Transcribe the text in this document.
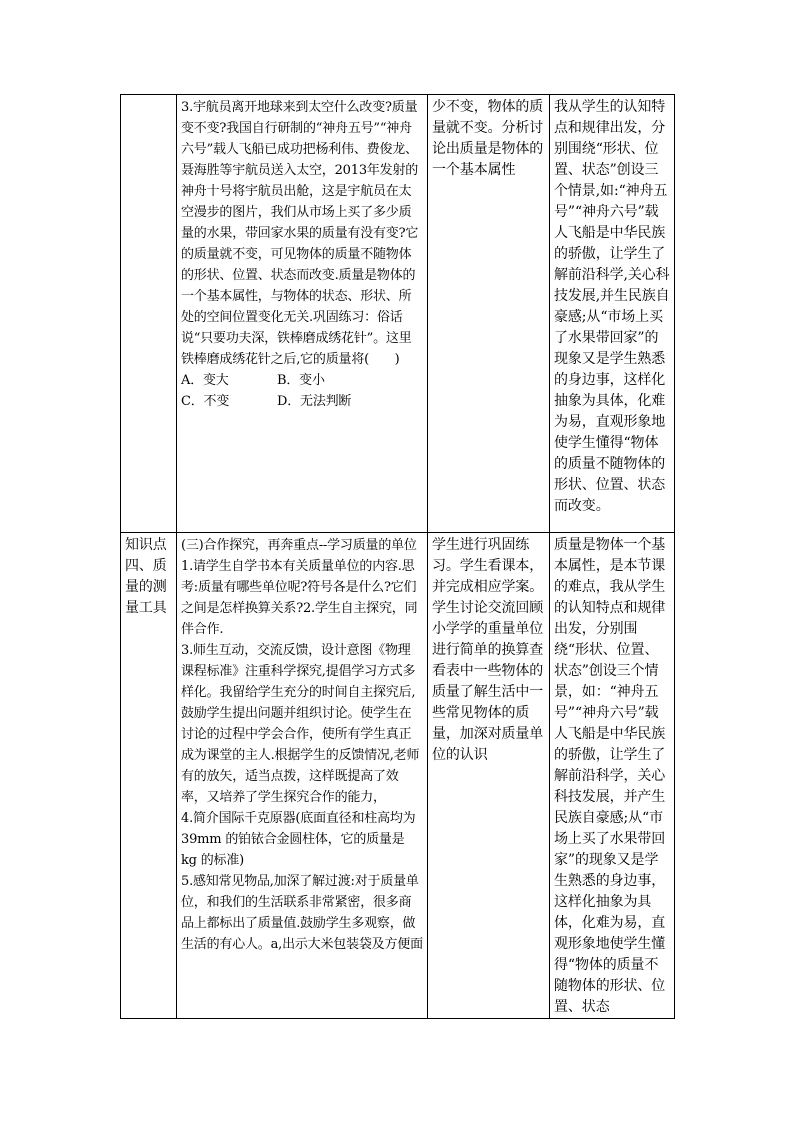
	3.宇航员离开地球来到太空什么改变?质量变不变?我国自行研制的“神舟五号”“神舟六号”载人飞船已成功把杨利伟、费俊龙、聂海胜等宇航员送入太空，2013年发射的神舟十号将宇航员出舱，这是宇航员在太空漫步的图片，我们从市场上买了多少质量的水果，带回家水果的质量有没有变?它的质量就不变，可见物体的质量不随物体的形状、位置、状态而改变.质量是物体的一个基本属性，与物体的状态、形状、所处的空间位置变化无关.巩固练习：俗话说“只要功夫深，铁棒磨成绣花针”。这里铁棒磨成绣花针之后,它的质量将(　　)
A．变大 B．变小
C．不变 D．无法判断	少不变，物体的质量就不变。分析讨论出质量是物体的一个基本属性	我从学生的认知特点和规律出发，分别围绕“形状、位置、状态”创设三个情景,如:“神舟五号”“神舟六号”载人飞船是中华民族的骄傲，让学生了解前沿科学,关心科技发展,并生民族自豪感;从“市场上买了水果带回家”的现象又是学生熟悉的身边事，这样化抽象为具体，化难为易，直观形象地使学生懂得“物体的质量不随物体的形状、位置、状态而改变。
知识点四、质量的测量工具	(三)合作探究，再奔重点--学习质量的单位
1.请学生自学书本有关质量单位的内容.思考:质量有哪些单位呢?符号各是什么?它们之间是怎样换算关系?2.学生自主探究，同伴合作.
3.师生互动，交流反馈，设计意图《物理课程标准》注重科学探究,提倡学习方式多样化。我留给学生充分的时间自主探究后,鼓励学生提出问题并组织讨论。使学生在讨论的过程中学会合作，使所有学生真正成为课堂的主人.根据学生的反馈情况,老师有的放矢，适当点拨，这样既提高了效率，又培养了学生探究合作的能力，
4.简介国际千克原器(底面直径和柱高均为 39mm 的铂铱合金圆柱体，它的质量是 kg 的标准)
5.感知常见物品,加深了解过渡:对于质量单位，和我们的生活联系非常紧密，很多商品上都标出了质量值.鼓励学生多观察，做生活的有心人。a,出示大米包装袋及方便面	学生进行巩固练习。学生看课本，并完成相应学案。学生讨论交流回顾小学学的重量单位进行简单的换算查看表中一些物体的质量了解生活中一些常见物体的质量，加深对质量单位的认识	质量是物体一个基本属性，是本节课的难点，我从学生的认知特点和规律出发，分别围绕“形状、位置、状态”创设三个情景，如：“神舟五号”“神舟六号”载人飞船是中华民族的骄傲，让学生了解前沿科学，关心科技发展，并产生民族自豪感;从“市场上买了水果带回家”的现象又是学生熟悉的身边事，这样化抽象为具体，化难为易，直观形象地使学生懂得“物体的质量不随物体的形状、位置、状态
